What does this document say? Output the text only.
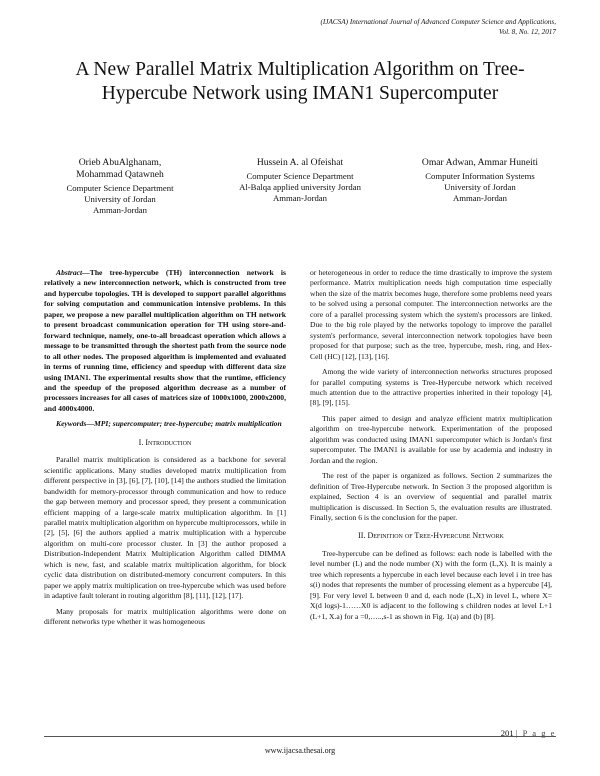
(IJACSA) International Journal of Advanced Computer Science and Applications,
Vol. 8, No. 12, 2017
A New Parallel Matrix Multiplication Algorithm on Tree-Hypercube Network using IMAN1 Supercomputer
Orieb AbuAlghanam,
Mohammad Qatawneh
Computer Science Department
University of Jordan
Amman-Jordan
Hussein A. al Ofeishat
Computer Science Department
Al-Balqa applied university Jordan
Amman-Jordan
Omar Adwan, Ammar Huneiti
Computer Information Systems
University of Jordan
Amman-Jordan

Abstract—The tree-hypercube (TH) interconnection network is relatively a new interconnection network, which is constructed from tree and hypercube topologies. TH is developed to support parallel algorithms for solving computation and communication intensive problems. In this paper, we propose a new parallel multiplication algorithm on TH network to present broadcast communication operation for TH using store-and-forward technique, namely, one-to-all broadcast operation which allows a message to be transmitted through the shortest path from the source node to all other nodes. The proposed algorithm is implemented and evaluated in terms of running time, efficiency and speedup with different data size using IMAN1. The experimental results show that the runtime, efficiency and the speedup of the proposed algorithm decrease as a number of processors increases for all cases of matrices size of 1000x1000, 2000x2000, and 4000x4000.

Keywords—MPI; supercomputer; tree-hypercube; matrix multiplication

I. Introduction

Parallel matrix multiplication is considered as a backbone for several scientific applications. Many studies developed matrix multiplication from different perspective in [3], [6], [7], [10], [14] the authors studied the limitation bandwidth for memory-processor through communication and how to reduce the gap between memory and processor speed, they present a communication efficient mapping of a large-scale matrix multiplication algorithm. In [1] parallel matrix multiplication algorithm on hypercube multiprocessors, while in [2], [5], [6] the authors applied a matrix multiplication with a hypercube algorithm on multi-core processor cluster. In [3] the author proposed a Distribution-Independent Matrix Multiplication Algorithm called DIMMA which is new, fast, and scalable matrix multiplication algorithm, for block cyclic data distribution on distributed-memory concurrent computers. In this paper we apply matrix multiplication on tree-hypercube which was used before in adaptive fault tolerant in routing algorithm [8], [11], [12], [17].

Many proposals for matrix multiplication algorithms were done on different networks type whether it was homogeneous

or heterogeneous in order to reduce the time drastically to improve the system performance. Matrix multiplication needs high computation time especially when the size of the matrix becomes huge, therefore some problems need years to be solved using a personal computer. The interconnection networks are the core of a parallel processing system which the system's processors are linked. Due to the big role played by the networks topology to improve the parallel system's performance, several interconnection network topologies have been proposed for that purpose; such as the tree, hypercube, mesh, ring, and Hex-Cell (HC) [12], [13], [16].

Among the wide variety of interconnection networks structures proposed for parallel computing systems is Tree-Hypercube network which received much attention due to the attractive properties inherited in their topology [4], [8], [9], [15].

This paper aimed to design and analyze efficient matrix multiplication algorithm on tree-hypercube network. Experimentation of the proposed algorithm was conducted using IMAN1 supercomputer which is Jordan's first supercomputer. The IMAN1 is available for use by academia and industry in Jordan and the region.

The rest of the paper is organized as follows. Section 2 summarizes the definition of Tree-Hypercube network. In Section 3 the proposed algorithm is explained, Section 4 is an overview of sequential and parallel matrix multiplication is discussed. In Section 5, the evaluation results are illustrated. Finally, section 6 is the conclusion for the paper.

II. Definition of Tree-Hypercube Network

Tree-hypercube can be defined as follows: each node is labelled with the level number (L) and the node number (X) with the form (L,X). It is mainly a tree which represents a hypercube in each level because each level i in tree has s(i) nodes that represents the number of processing element as a hypercube [4], [9]. For very level L between 0 and d, each node (L,X) in level L, where X= X(d logs)-1……X0 is adjacent to the following s children nodes at level L+1 (L+1, X.a) for a =0,…..,s-1 as shown in Fig. 1(a) and (b) [8].

201 | P a g e
www.ijacsa.thesai.org
